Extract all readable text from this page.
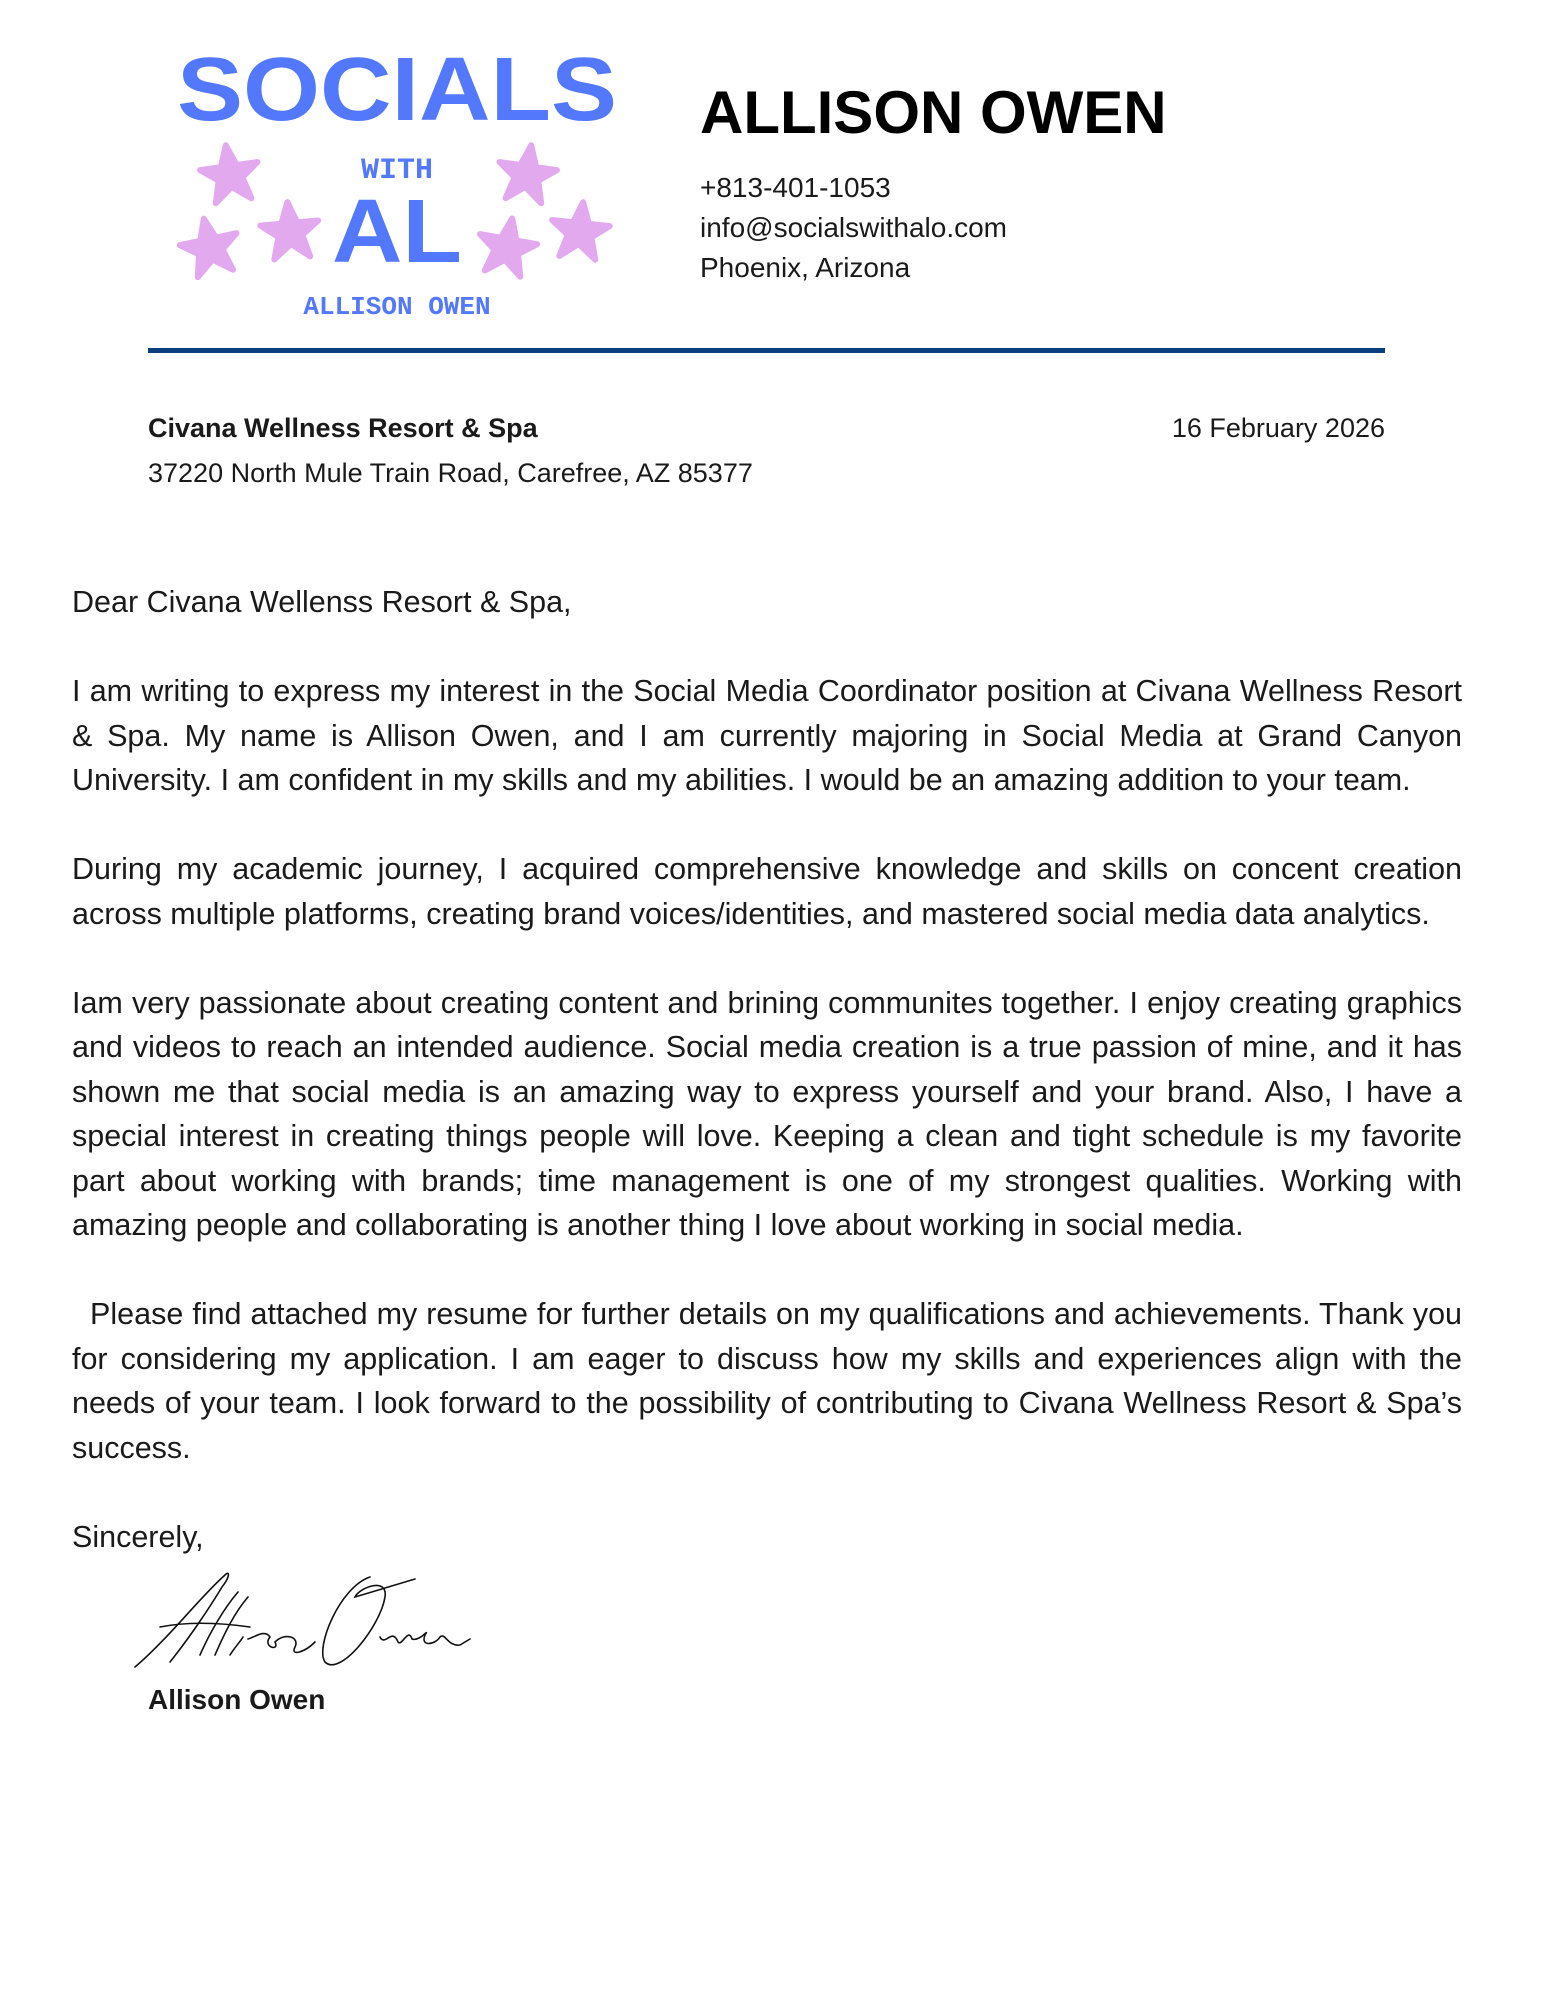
SOCIALS
WITH
AL
ALLISON OWEN
ALLISON OWEN
+813-401-1053
info@socialswithalo.com
Phoenix, Arizona
Civana Wellness Resort & Spa
37220 North Mule Train Road, Carefree, AZ 85377
16 February 2026

Dear Civana Wellenss Resort & Spa,

I am writing to express my interest in the Social Media Coordinator position at Civana Wellness Resort & Spa. My name is Allison Owen, and I am currently majoring in Social Media at Grand Canyon University. I am confident in my skills and my abilities. I would be an amazing addition to your team.

During my academic journey, I acquired comprehensive knowledge and skills on concent creation across multiple platforms, creating brand voices/identities, and mastered social media data analytics.

Iam very passionate about creating content and brining communites together. I enjoy creating graphics and videos to reach an intended audience. Social media creation is a true passion of mine, and it has shown me that social media is an amazing way to express yourself and your brand. Also, I have a special interest in creating things people will love. Keeping a clean and tight schedule is my favorite part about working with brands; time management is one of my strongest qualities. Working with amazing people and collaborating is another thing I love about working in social media.

Please find attached my resume for further details on my qualifications and achievements. Thank you for considering my application. I am eager to discuss how my skills and experiences align with the needs of your team. I look forward to the possibility of contributing to Civana Wellness Resort & Spa’s success.

Sincerely,

Allison Owen
